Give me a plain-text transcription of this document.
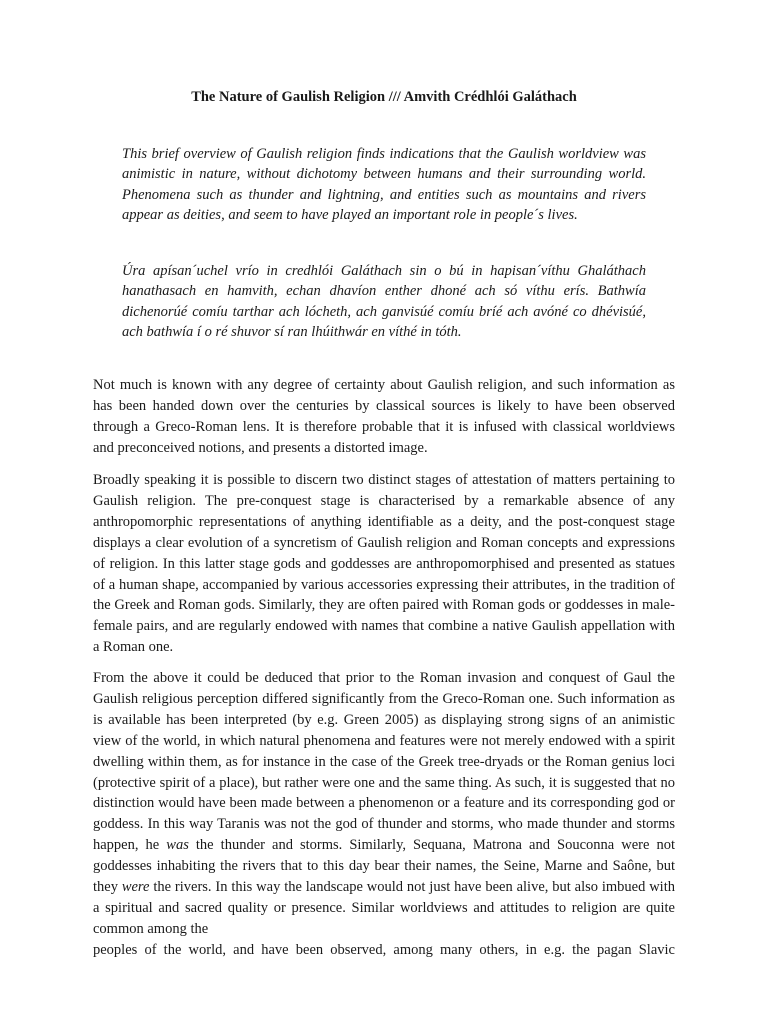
The Nature of Gaulish Religion /// Amvith Crédhlói Galáthach

This brief overview of Gaulish religion finds indications that the Gaulish worldview was animistic in nature, without dichotomy between humans and their surrounding world. Phenomena such as thunder and lightning, and entities such as mountains and rivers appear as deities, and seem to have played an important role in people´s lives.

Úra apísan´uchel vrío in credhlói Galáthach sin o bú in hapisan´víthu Ghaláthach hanathasach en hamvith, echan dhavíon enther dhoné ach só víthu erís. Bathwía dichenorúé comíu tarthar ach lócheth, ach ganvisúé comíu bríé ach avóné co dhévisúé, ach bathwía í o ré shuvor sí ran lhúithwár en víthé in tóth.

Not much is known with any degree of certainty about Gaulish religion, and such information as has been handed down over the centuries by classical sources is likely to have been observed through a Greco-Roman lens. It is therefore probable that it is infused with classical worldviews and preconceived notions, and presents a distorted image.

Broadly speaking it is possible to discern two distinct stages of attestation of matters pertaining to Gaulish religion. The pre-conquest stage is characterised by a remarkable absence of any anthropomorphic representations of anything identifiable as a deity, and the post-conquest stage displays a clear evolution of a syncretism of Gaulish religion and Roman concepts and expressions of religion. In this latter stage gods and goddesses are anthropomorphised and presented as statues of a human shape, accompanied by various accessories expressing their attributes, in the tradition of the Greek and Roman gods. Similarly, they are often paired with Roman gods or goddesses in male-female pairs, and are regularly endowed with names that combine a native Gaulish appellation with a Roman one.

From the above it could be deduced that prior to the Roman invasion and conquest of Gaul the Gaulish religious perception differed significantly from the Greco-Roman one. Such information as is available has been interpreted (by e.g. Green 2005) as displaying strong signs of an animistic view of the world, in which natural phenomena and features were not merely endowed with a spirit dwelling within them, as for instance in the case of the Greek tree-dryads or the Roman genius loci (protective spirit of a place), but rather were one and the same thing. As such, it is suggested that no distinction would have been made between a phenomenon or a feature and its corresponding god or goddess. In this way Taranis was not the god of thunder and storms, who made thunder and storms happen, he was the thunder and storms. Similarly, Sequana, Matrona and Souconna were not goddesses inhabiting the rivers that to this day bear their names, the Seine, Marne and Saône, but they were the rivers. In this way the landscape would not just have been alive, but also imbued with a spiritual and sacred quality or presence. Similar worldviews and attitudes to religion are quite common among the
peoples of the world, and have been observed, among many others, in e.g. the pagan Slavic
